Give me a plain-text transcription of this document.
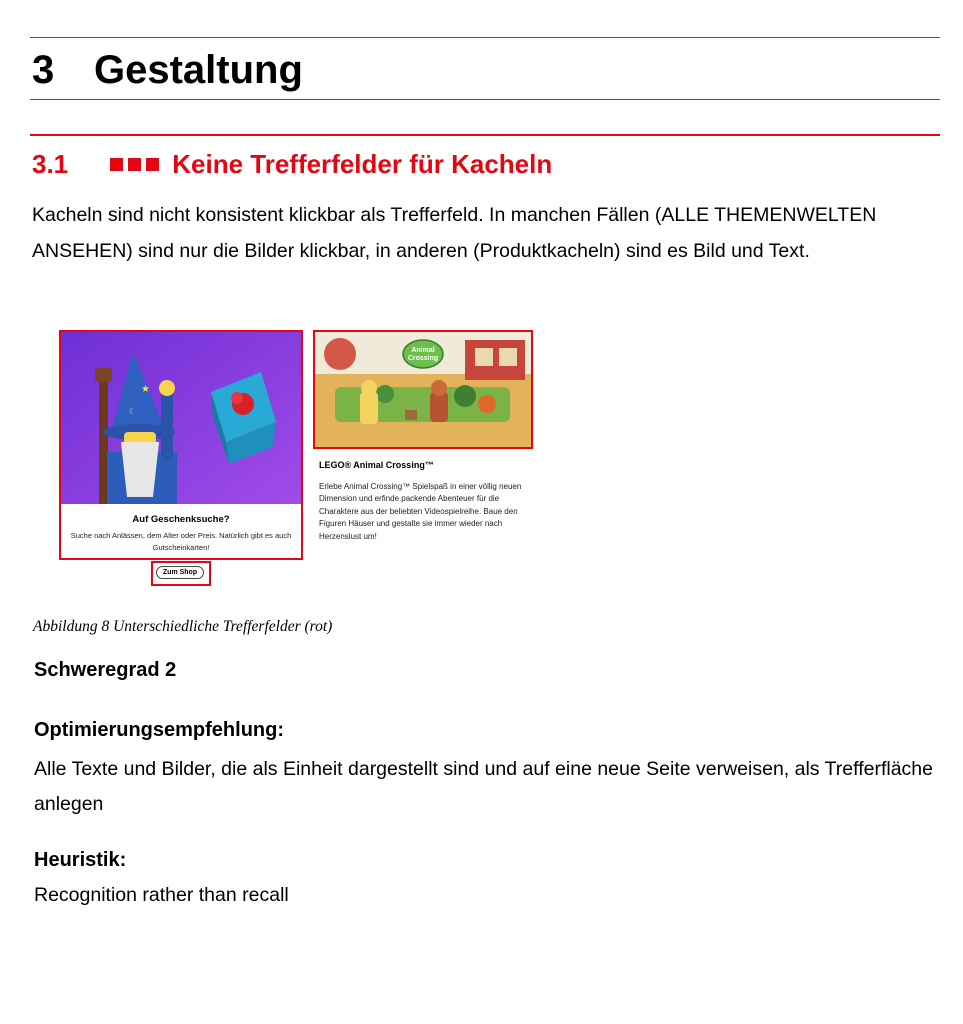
3 Gestaltung
3.1	Keine Trefferfelder für Kacheln
Kacheln sind nicht konsistent klickbar als Trefferfeld. In manchen Fällen (ALLE THEMENWELTEN ANSEHEN) sind nur die Bilder klickbar, in anderen (Produktkacheln) sind es Bild und Text.
★
☾
Auf Geschenksuche?
Suche nach Anlässen, dem Alter oder Preis. Natürlich gibt es auch Gutscheinkarten!
Zum Shop
Animal
Crossing
LEGO® Animal Crossing™
Erlebe Animal Crossing™ Spielspaß in einer völlig neuen Dimension und erfinde packende Abenteuer für die Charaktere aus der beliebten Videospielreihe. Baue den Figuren Häuser und gestalte sie immer wieder nach Herzenslust um!
Abbildung 8 Unterschiedliche Trefferfelder (rot)
Schweregrad 2
Optimierungsempfehlung:
Alle Texte und Bilder, die als Einheit dargestellt sind und auf eine neue Seite verweisen, als Trefferfläche anlegen
Heuristik:
Recognition rather than recall
